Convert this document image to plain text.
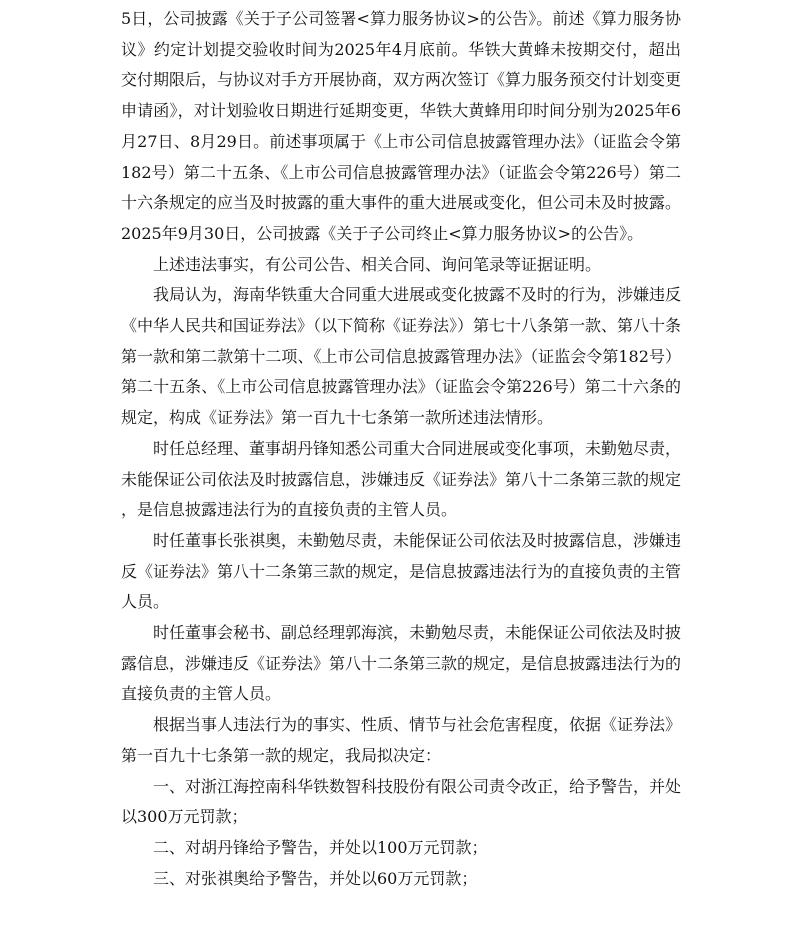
5日，公司披露《关于子公司签署<算力服务协议>的公告》。前述《算力服务协议》约定计划提交验收时间为2025年4月底前。华铁大黄蜂未按期交付，超出交付期限后，与协议对手方开展协商，双方两次签订《算力服务预交付计划变更申请函》，对计划验收日期进行延期变更，华铁大黄蜂用印时间分别为2025年6月27日、8月29日。前述事项属于《上市公司信息披露管理办法》（证监会令第182号）第二十五条、《上市公司信息披露管理办法》（证监会令第226号）第二十六条规定的应当及时披露的重大事件的重大进展或变化，但公司未及时披露。2025年9月30日，公司披露《关于子公司终止<算力服务协议>的公告》。

上述违法事实，有公司公告、相关合同、询问笔录等证据证明。

我局认为，海南华铁重大合同重大进展或变化披露不及时的行为，涉嫌违反《中华人民共和国证券法》（以下简称《证券法》）第七十八条第一款、第八十条第一款和第二款第十二项、《上市公司信息披露管理办法》（证监会令第182号）第二十五条、《上市公司信息披露管理办法》（证监会令第226号）第二十六条的规定，构成《证券法》第一百九十七条第一款所述违法情形。

时任总经理、董事胡丹锋知悉公司重大合同进展或变化事项，未勤勉尽责，未能保证公司依法及时披露信息，涉嫌违反《证券法》第八十二条第三款的规定，是信息披露违法行为的直接负责的主管人员。

时任董事长张祺奥，未勤勉尽责，未能保证公司依法及时披露信息，涉嫌违反《证券法》第八十二条第三款的规定，是信息披露违法行为的直接负责的主管人员。

时任董事会秘书、副总经理郭海滨，未勤勉尽责，未能保证公司依法及时披露信息，涉嫌违反《证券法》第八十二条第三款的规定，是信息披露违法行为的直接负责的主管人员。

根据当事人违法行为的事实、性质、情节与社会危害程度，依据《证券法》第一百九十七条第一款的规定，我局拟决定：

一、对浙江海控南科华铁数智科技股份有限公司责令改正，给予警告，并处以300万元罚款；

二、对胡丹锋给予警告，并处以100万元罚款；

三、对张祺奥给予警告，并处以60万元罚款；
